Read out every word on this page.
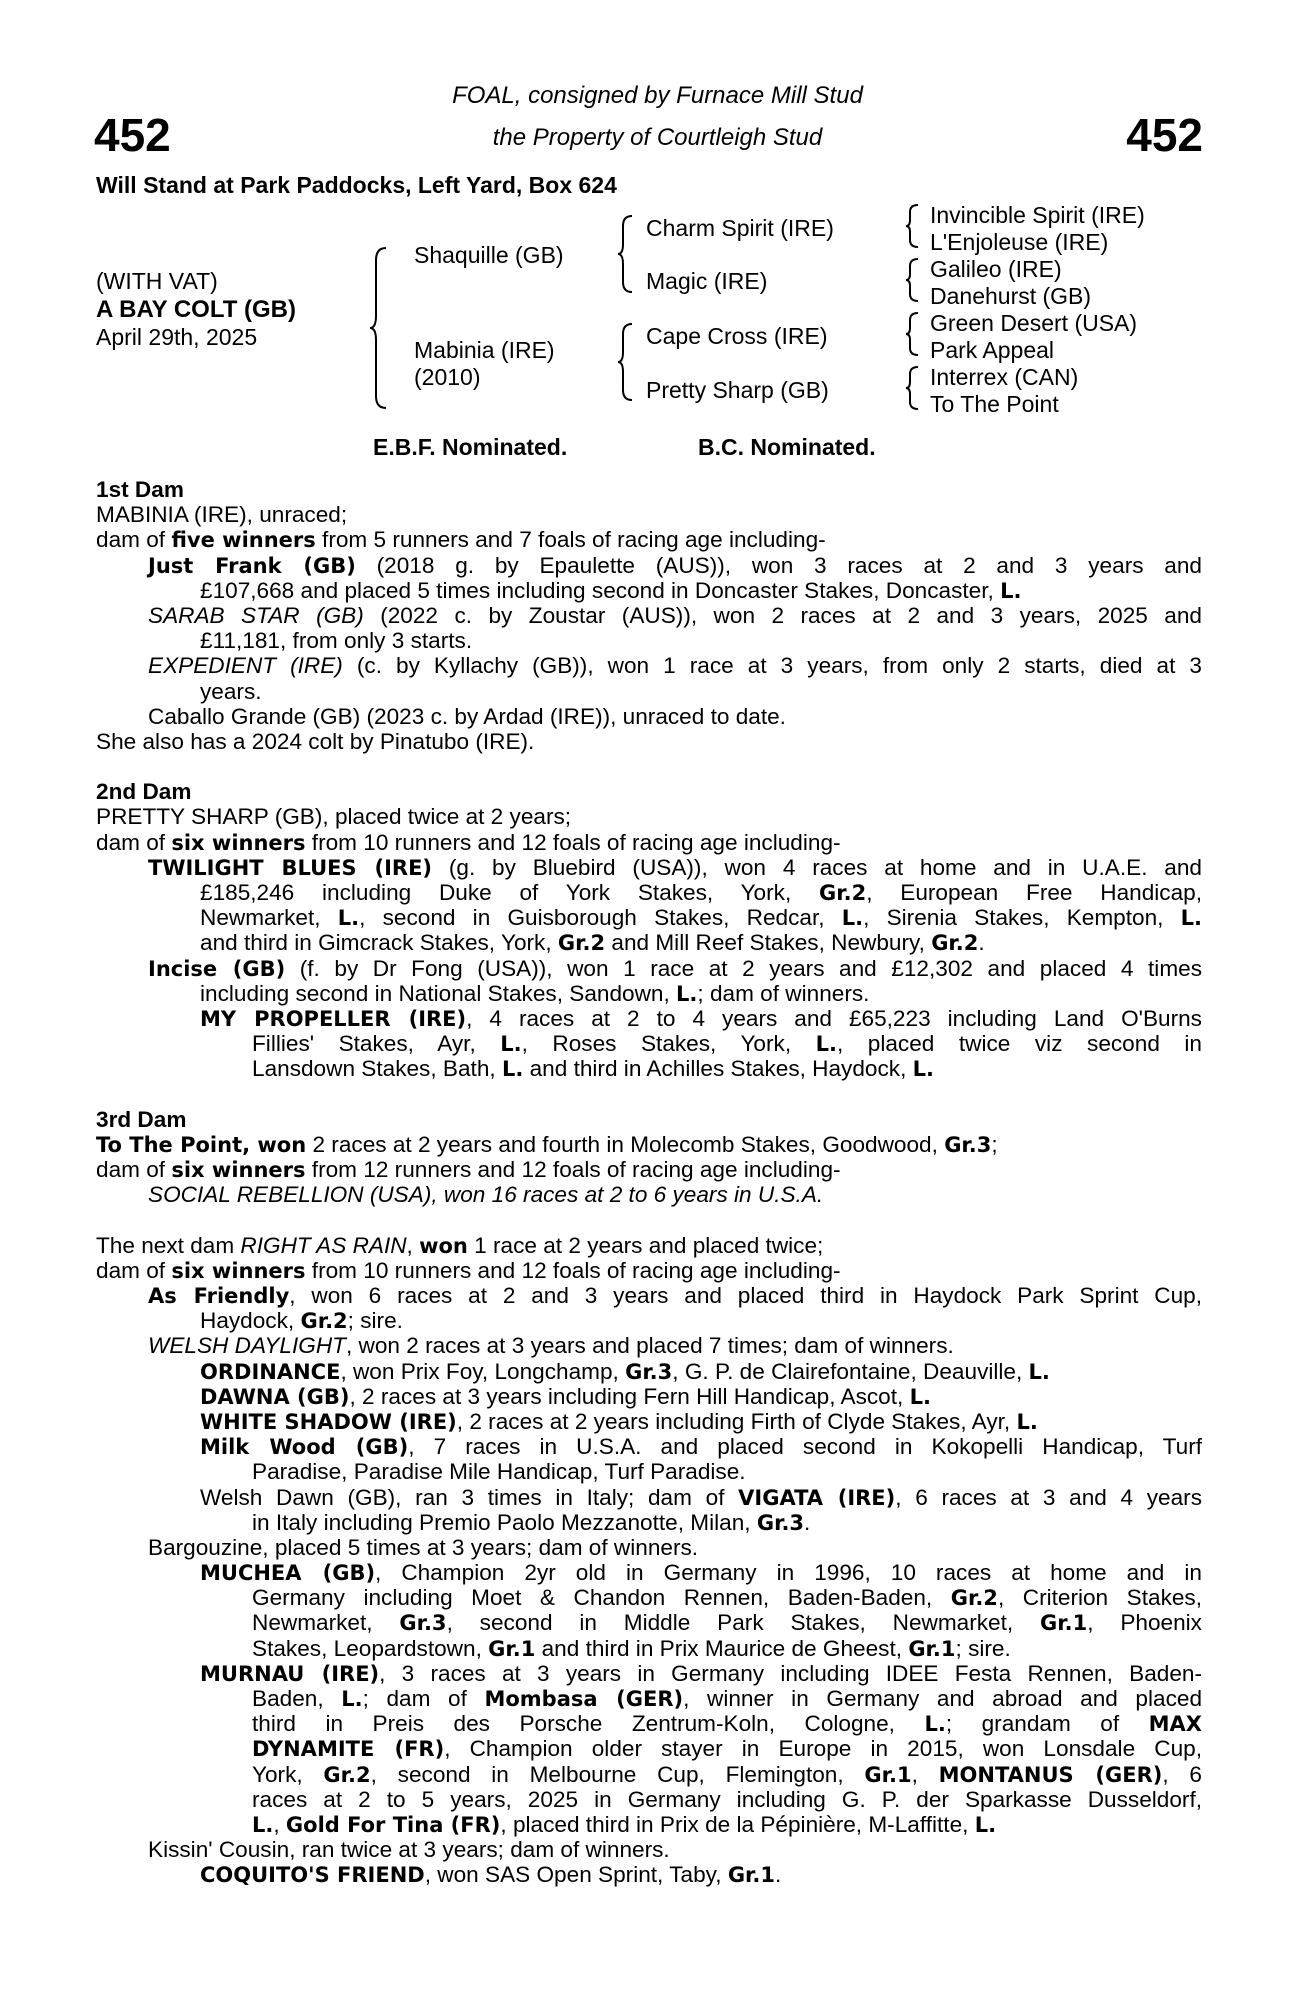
452	452
FOAL, consigned by Furnace Mill Stud
the Property of Courtleigh Stud
Will Stand at Park Paddocks, Left Yard, Box 624
(WITH VAT)
A BAY COLT (GB)
April 29th, 2025
Shaquille (GB)
Mabinia (IRE)
(2010)
Charm Spirit (IRE)
Magic (IRE)
Cape Cross (IRE)
Pretty Sharp (GB)
Invincible Spirit (IRE)
L'Enjoleuse (IRE)
Galileo (IRE)
Danehurst (GB)
Green Desert (USA)
Park Appeal
Interrex (CAN)
To The Point
E.B.F. Nominated.	B.C. Nominated.
1st Dam
MABINIA (IRE), unraced;
dam of five winners from 5 runners and 7 foals of racing age including-
Just Frank (GB) (2018 g. by Epaulette (AUS)), won 3 races at 2 and 3 years and
£107,668 and placed 5 times including second in Doncaster Stakes, Doncaster, L.
SARAB STAR (GB) (2022 c. by Zoustar (AUS)), won 2 races at 2 and 3 years, 2025 and
£11,181, from only 3 starts.
EXPEDIENT (IRE) (c. by Kyllachy (GB)), won 1 race at 3 years, from only 2 starts, died at 3
years.
Caballo Grande (GB) (2023 c. by Ardad (IRE)), unraced to date.
She also has a 2024 colt by Pinatubo (IRE).
2nd Dam
PRETTY SHARP (GB), placed twice at 2 years;
dam of six winners from 10 runners and 12 foals of racing age including-
TWILIGHT BLUES (IRE) (g. by Bluebird (USA)), won 4 races at home and in U.A.E. and
£185,246 including Duke of York Stakes, York, Gr.2, European Free Handicap,
Newmarket, L., second in Guisborough Stakes, Redcar, L., Sirenia Stakes, Kempton, L.
and third in Gimcrack Stakes, York, Gr.2 and Mill Reef Stakes, Newbury, Gr.2.
Incise (GB) (f. by Dr Fong (USA)), won 1 race at 2 years and £12,302 and placed 4 times
including second in National Stakes, Sandown, L.; dam of winners.
MY PROPELLER (IRE), 4 races at 2 to 4 years and £65,223 including Land O'Burns
Fillies' Stakes, Ayr, L., Roses Stakes, York, L., placed twice viz second in
Lansdown Stakes, Bath, L. and third in Achilles Stakes, Haydock, L.
3rd Dam
To The Point, won 2 races at 2 years and fourth in Molecomb Stakes, Goodwood, Gr.3;
dam of six winners from 12 runners and 12 foals of racing age including-
SOCIAL REBELLION (USA), won 16 races at 2 to 6 years in U.S.A.
The next dam RIGHT AS RAIN, won 1 race at 2 years and placed twice;
dam of six winners from 10 runners and 12 foals of racing age including-
As Friendly, won 6 races at 2 and 3 years and placed third in Haydock Park Sprint Cup,
Haydock, Gr.2; sire.
WELSH DAYLIGHT, won 2 races at 3 years and placed 7 times; dam of winners.
ORDINANCE, won Prix Foy, Longchamp, Gr.3, G. P. de Clairefontaine, Deauville, L.
DAWNA (GB), 2 races at 3 years including Fern Hill Handicap, Ascot, L.
WHITE SHADOW (IRE), 2 races at 2 years including Firth of Clyde Stakes, Ayr, L.
Milk Wood (GB), 7 races in U.S.A. and placed second in Kokopelli Handicap, Turf
Paradise, Paradise Mile Handicap, Turf Paradise.
Welsh Dawn (GB), ran 3 times in Italy; dam of VIGATA (IRE), 6 races at 3 and 4 years
in Italy including Premio Paolo Mezzanotte, Milan, Gr.3.
Bargouzine, placed 5 times at 3 years; dam of winners.
MUCHEA (GB), Champion 2yr old in Germany in 1996, 10 races at home and in
Germany including Moet & Chandon Rennen, Baden-Baden, Gr.2, Criterion Stakes,
Newmarket, Gr.3, second in Middle Park Stakes, Newmarket, Gr.1, Phoenix
Stakes, Leopardstown, Gr.1 and third in Prix Maurice de Gheest, Gr.1; sire.
MURNAU (IRE), 3 races at 3 years in Germany including IDEE Festa Rennen, Baden-
Baden, L.; dam of Mombasa (GER), winner in Germany and abroad and placed
third in Preis des Porsche Zentrum-Koln, Cologne, L.; grandam of MAX
DYNAMITE (FR), Champion older stayer in Europe in 2015, won Lonsdale Cup,
York, Gr.2, second in Melbourne Cup, Flemington, Gr.1, MONTANUS (GER), 6
races at 2 to 5 years, 2025 in Germany including G. P. der Sparkasse Dusseldorf,
L., Gold For Tina (FR), placed third in Prix de la Pépinière, M-Laffitte, L.
Kissin' Cousin, ran twice at 3 years; dam of winners.
COQUITO'S FRIEND, won SAS Open Sprint, Taby, Gr.1.
